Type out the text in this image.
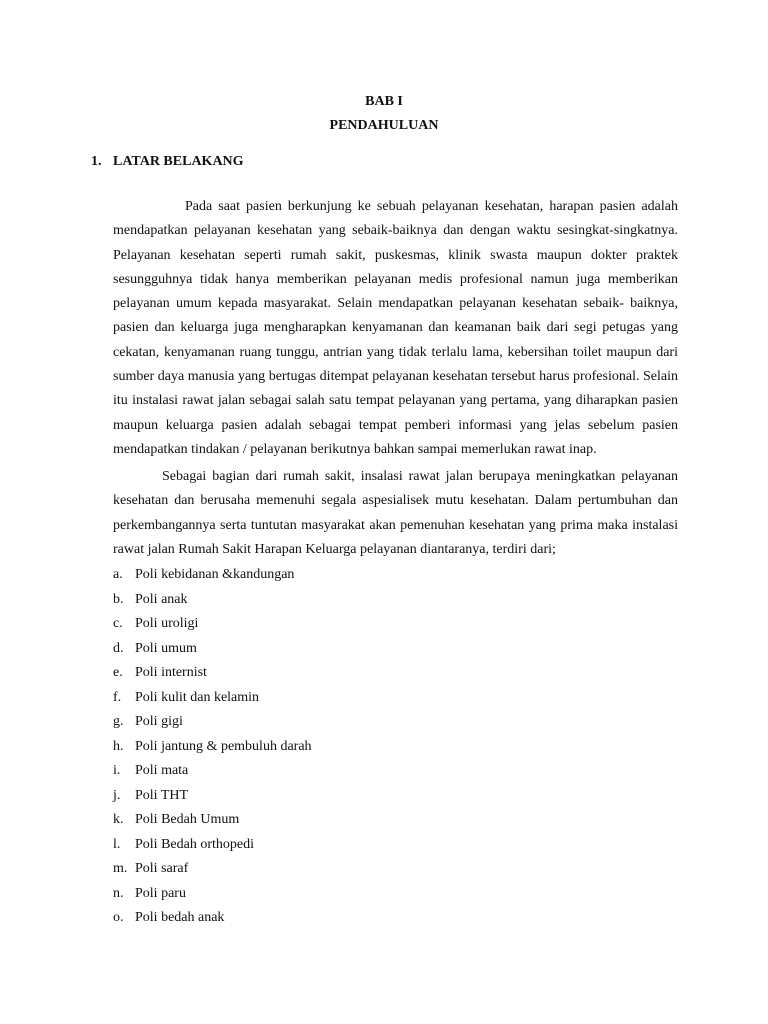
BAB I
PENDAHULUAN
1. LATAR BELAKANG

Pada saat pasien berkunjung ke sebuah pelayanan kesehatan, harapan pasien adalah mendapatkan pelayanan kesehatan yang sebaik-baiknya dan dengan waktu sesingkat-singkatnya. Pelayanan kesehatan seperti rumah sakit, puskesmas, klinik swasta maupun dokter praktek sesungguhnya tidak hanya memberikan pelayanan medis profesional namun juga memberikan pelayanan umum kepada masyarakat. Selain mendapatkan pelayanan kesehatan sebaik- baiknya, pasien dan keluarga juga mengharapkan kenyamanan dan keamanan baik dari segi petugas yang cekatan, kenyamanan ruang tunggu, antrian yang tidak terlalu lama, kebersihan toilet maupun dari sumber daya manusia yang bertugas ditempat pelayanan kesehatan tersebut harus profesional. Selain itu instalasi rawat jalan sebagai salah satu tempat pelayanan yang pertama, yang diharapkan pasien maupun keluarga pasien adalah sebagai tempat pemberi informasi yang jelas sebelum pasien mendapatkan tindakan / pelayanan berikutnya bahkan sampai memerlukan rawat inap.

Sebagai bagian dari rumah sakit, insalasi rawat jalan berupaya meningkatkan pelayanan kesehatan dan berusaha memenuhi segala aspesialisek mutu kesehatan. Dalam pertumbuhan dan perkembangannya serta tuntutan masyarakat akan pemenuhan kesehatan yang prima maka instalasi rawat jalan Rumah Sakit Harapan Keluarga pelayanan diantaranya, terdiri dari;

a. Poli kebidanan &kandungan
b. Poli anak
c. Poli uroligi
d. Poli umum
e. Poli internist
f. Poli kulit dan kelamin
g. Poli gigi
h. Poli jantung & pembuluh darah
i. Poli mata
j. Poli THT
k. Poli Bedah Umum
l. Poli Bedah orthopedi
m. Poli saraf
n. Poli paru
o. Poli bedah anak
